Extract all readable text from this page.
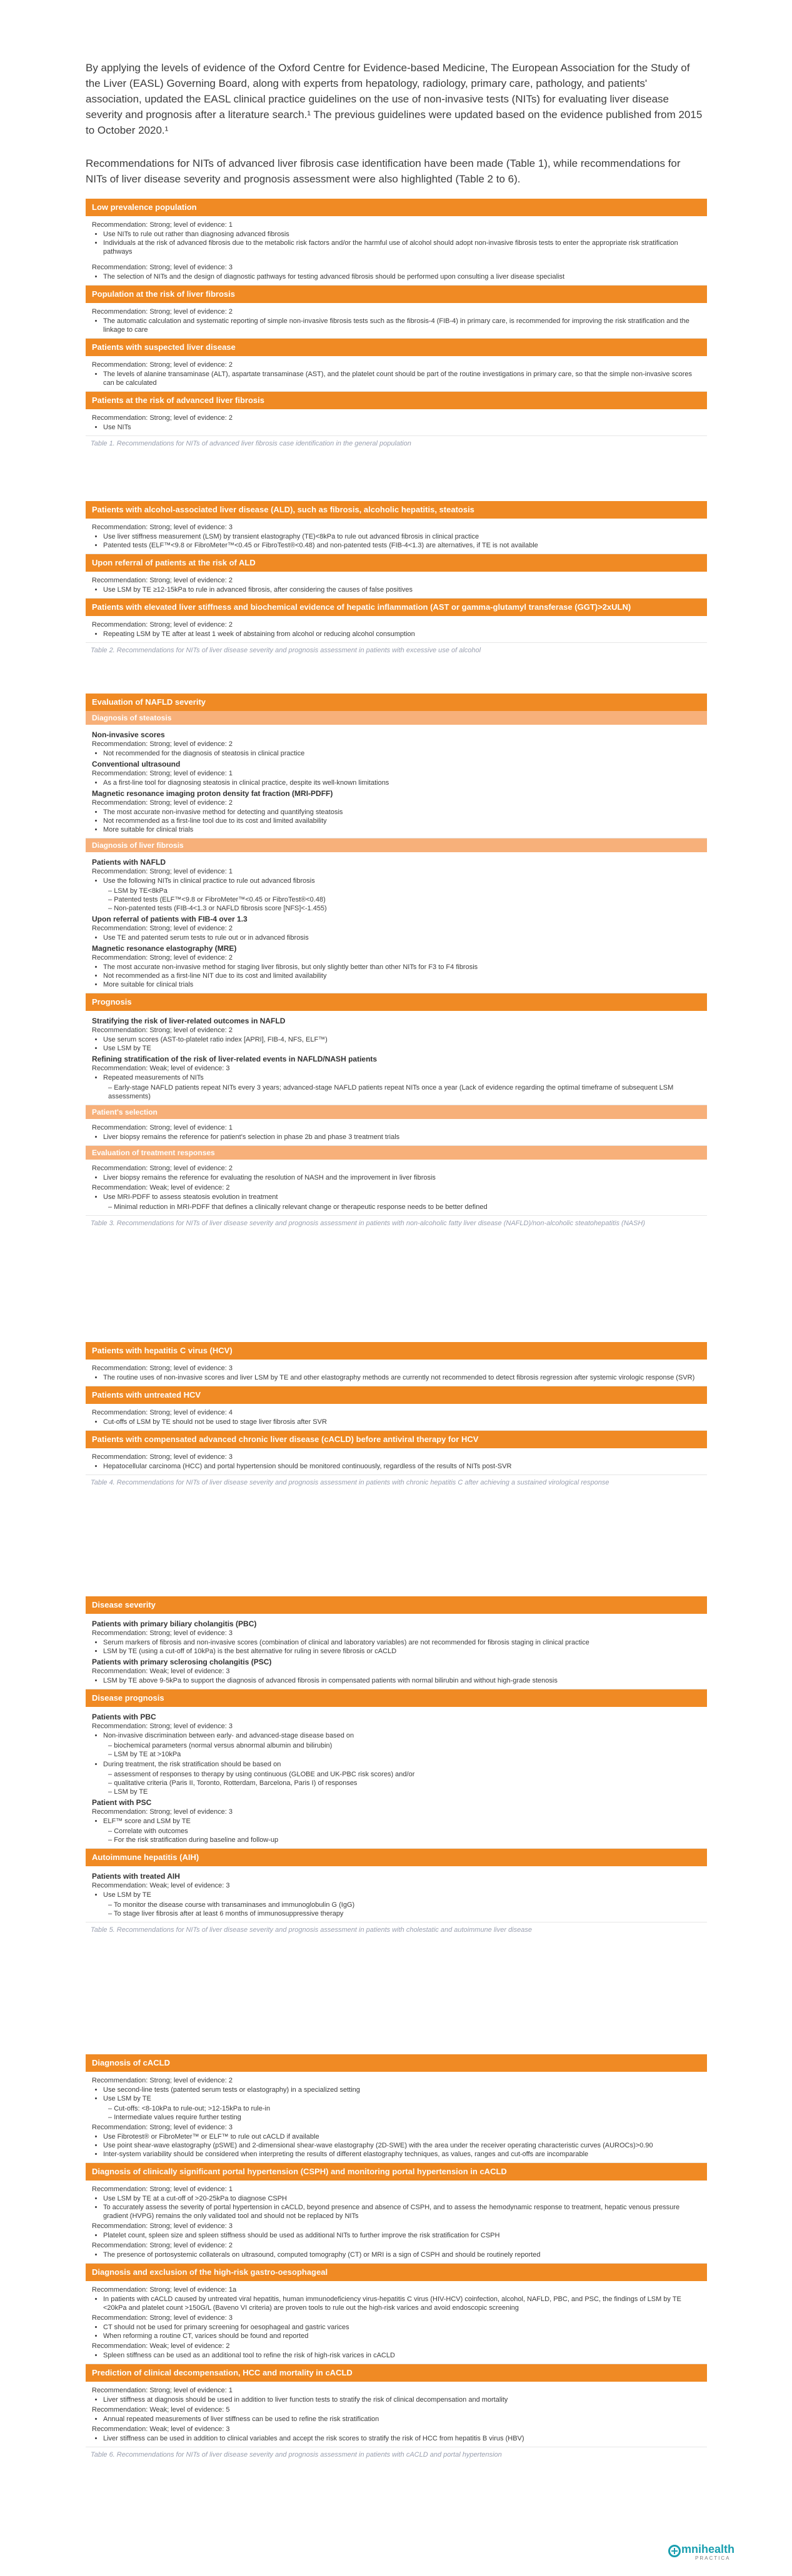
By applying the levels of evidence of the Oxford Centre for Evidence-based Medicine, The European Association for the Study of the Liver (EASL) Governing Board, along with experts from hepatology, radiology, primary care, pathology, and patients' association, updated the EASL clinical practice guidelines on the use of non-invasive tests (NITs) for evaluating liver disease severity and prognosis after a literature search.¹ The previous guidelines were updated based on the evidence published from 2015 to October 2020.¹

Recommendations for NITs of advanced liver fibrosis case identification have been made (Table 1), while recommendations for NITs of liver disease severity and prognosis assessment were also highlighted (Table 2 to 6).

Low prevalence population
Recommendation: Strong; level of evidence: 1
• Use NITs to rule out rather than diagnosing advanced fibrosis
• Individuals at the risk of advanced fibrosis due to the metabolic risk factors and/or the harmful use of alcohol should adopt non-invasive fibrosis tests to enter the appropriate risk stratification pathways
Recommendation: Strong; level of evidence: 3
• The selection of NITs and the design of diagnostic pathways for testing advanced fibrosis should be performed upon consulting a liver disease specialist
Population at the risk of liver fibrosis
Recommendation: Strong; level of evidence: 2
• The automatic calculation and systematic reporting of simple non-invasive fibrosis tests such as the fibrosis-4 (FIB-4) in primary care, is recommended for improving the risk stratification and the linkage to care
Patients with suspected liver disease
Recommendation: Strong; level of evidence: 2
• The levels of alanine transaminase (ALT), aspartate transaminase (AST), and the platelet count should be part of the routine investigations in primary care, so that the simple non-invasive scores can be calculated
Patients at the risk of advanced liver fibrosis
Recommendation: Strong; level of evidence: 2
• Use NITs
Table 1. Recommendations for NITs of advanced liver fibrosis case identification in the general population
Patients with alcohol-associated liver disease (ALD), such as fibrosis, alcoholic hepatitis, steatosis
Recommendation: Strong; level of evidence: 3
• Use liver stiffness measurement (LSM) by transient elastography (TE)<8kPa to rule out advanced fibrosis in clinical practice
• Patented tests (ELF™<9.8 or FibroMeter™<0.45 or FibroTest®<0.48) and non-patented tests (FIB-4<1.3) are alternatives, if TE is not available
Upon referral of patients at the risk of ALD
Recommendation: Strong; level of evidence: 2
• Use LSM by TE ≥12-15kPa to rule in advanced fibrosis, after considering the causes of false positives
Patients with elevated liver stiffness and biochemical evidence of hepatic inflammation (AST or gamma-glutamyl transferase (GGT)>2xULN)
Recommendation: Strong; level of evidence: 2
• Repeating LSM by TE after at least 1 week of abstaining from alcohol or reducing alcohol consumption
Table 2. Recommendations for NITs of liver disease severity and prognosis assessment in patients with excessive use of alcohol
Evaluation of NAFLD severity
Diagnosis of steatosis
Non-invasive scores
Recommendation: Strong; level of evidence: 2
• Not recommended for the diagnosis of steatosis in clinical practice
Conventional ultrasound
Recommendation: Strong; level of evidence: 1
• As a first-line tool for diagnosing steatosis in clinical practice, despite its well-known limitations
Magnetic resonance imaging proton density fat fraction (MRI-PDFF)
Recommendation: Strong; level of evidence: 2
• The most accurate non-invasive method for detecting and quantifying steatosis
• Not recommended as a first-line tool due to its cost and limited availability
• More suitable for clinical trials
Diagnosis of liver fibrosis
Patients with NAFLD
Recommendation: Strong; level of evidence: 1
• Use the following NITs in clinical practice to rule out advanced fibrosis
– LSM by TE<8kPa
– Patented tests (ELF™<9.8 or FibroMeter™<0.45 or FibroTest®<0.48)
– Non-patented tests (FIB-4<1.3 or NAFLD fibrosis score [NFS]<-1.455)
Upon referral of patients with FIB-4 over 1.3
Recommendation: Strong; level of evidence: 2
• Use TE and patented serum tests to rule out or in advanced fibrosis
Magnetic resonance elastography (MRE)
Recommendation: Strong; level of evidence: 2
• The most accurate non-invasive method for staging liver fibrosis, but only slightly better than other NITs for F3 to F4 fibrosis
• Not recommended as a first-line NIT due to its cost and limited availability
• More suitable for clinical trials
Prognosis
Stratifying the risk of liver-related outcomes in NAFLD
Recommendation: Strong; level of evidence: 2
• Use serum scores (AST-to-platelet ratio index [APRI], FIB-4, NFS, ELF™)
• Use LSM by TE
Refining stratification of the risk of liver-related events in NAFLD/NASH patients
Recommendation: Weak; level of evidence: 3
• Repeated measurements of NITs
– Early-stage NAFLD patients repeat NITs every 3 years; advanced-stage NAFLD patients repeat NITs once a year (Lack of evidence regarding the optimal timeframe of subsequent LSM assessments)
Patient's selection
Recommendation: Strong; level of evidence: 1
• Liver biopsy remains the reference for patient's selection in phase 2b and phase 3 treatment trials
Evaluation of treatment responses
Recommendation: Strong; level of evidence: 2
• Liver biopsy remains the reference for evaluating the resolution of NASH and the improvement in liver fibrosis
Recommendation: Weak; level of evidence: 2
• Use MRI-PDFF to assess steatosis evolution in treatment
– Minimal reduction in MRI-PDFF that defines a clinically relevant change or therapeutic response needs to be better defined
Table 3. Recommendations for NITs of liver disease severity and prognosis assessment in patients with non-alcoholic fatty liver disease (NAFLD)/non-alcoholic steatohepatitis (NASH)
Patients with hepatitis C virus (HCV)
Recommendation: Strong; level of evidence: 3
• The routine uses of non-invasive scores and liver LSM by TE and other elastography methods are currently not recommended to detect fibrosis regression after systemic virologic response (SVR)
Patients with untreated HCV
Recommendation: Strong; level of evidence: 4
• Cut-offs of LSM by TE should not be used to stage liver fibrosis after SVR
Patients with compensated advanced chronic liver disease (cACLD) before antiviral therapy for HCV
Recommendation: Strong; level of evidence: 3
• Hepatocellular carcinoma (HCC) and portal hypertension should be monitored continuously, regardless of the results of NITs post-SVR
Table 4. Recommendations for NITs of liver disease severity and prognosis assessment in patients with chronic hepatitis C after achieving a sustained virological response
Disease severity
Patients with primary biliary cholangitis (PBC)
Recommendation: Strong; level of evidence: 3
• Serum markers of fibrosis and non-invasive scores (combination of clinical and laboratory variables) are not recommended for fibrosis staging in clinical practice
• LSM by TE (using a cut-off of 10kPa) is the best alternative for ruling in severe fibrosis or cACLD
Patients with primary sclerosing cholangitis (PSC)
Recommendation: Weak; level of evidence: 3
• LSM by TE above 9-5kPa to support the diagnosis of advanced fibrosis in compensated patients with normal bilirubin and without high-grade stenosis
Disease prognosis
Patients with PBC
Recommendation: Strong; level of evidence: 3
• Non-invasive discrimination between early- and advanced-stage disease based on
– biochemical parameters (normal versus abnormal albumin and bilirubin)
– LSM by TE at >10kPa
• During treatment, the risk stratification should be based on
– assessment of responses to therapy by using continuous (GLOBE and UK-PBC risk scores) and/or
– qualitative criteria (Paris II, Toronto, Rotterdam, Barcelona, Paris I) of responses
– LSM by TE
Patient with PSC
Recommendation: Strong; level of evidence: 3
• ELF™ score and LSM by TE
– Correlate with outcomes
– For the risk stratification during baseline and follow-up
Autoimmune hepatitis (AIH)
Patients with treated AIH
Recommendation: Weak; level of evidence: 3
• Use LSM by TE
– To monitor the disease course with transaminases and immunoglobulin G (IgG)
– To stage liver fibrosis after at least 6 months of immunosuppressive therapy
Table 5. Recommendations for NITs of liver disease severity and prognosis assessment in patients with cholestatic and autoimmune liver disease
Diagnosis of cACLD
Recommendation: Strong; level of evidence: 2
• Use second-line tests (patented serum tests or elastography) in a specialized setting
• Use LSM by TE
– Cut-offs: <8-10kPa to rule-out; >12-15kPa to rule-in
– Intermediate values require further testing
Recommendation: Strong; level of evidence: 3
• Use Fibrotest® or FibroMeter™ or ELF™ to rule out cACLD if available
• Use point shear-wave elastography (pSWE) and 2-dimensional shear-wave elastography (2D-SWE) with the area under the receiver operating characteristic curves (AUROCs)>0.90
• Inter-system variability should be considered when interpreting the results of different elastography techniques, as values, ranges and cut-offs are incomparable
Diagnosis of clinically significant portal hypertension (CSPH) and monitoring portal hypertension in cACLD
Recommendation: Strong; level of evidence: 1
• Use LSM by TE at a cut-off of >20-25kPa to diagnose CSPH
• To accurately assess the severity of portal hypertension in cACLD, beyond presence and absence of CSPH, and to assess the hemodynamic response to treatment, hepatic venous pressure gradient (HVPG) remains the only validated tool and should not be replaced by NITs
Recommendation: Strong; level of evidence: 3
• Platelet count, spleen size and spleen stiffness should be used as additional NITs to further improve the risk stratification for CSPH
Recommendation: Strong; level of evidence: 2
• The presence of portosystemic collaterals on ultrasound, computed tomography (CT) or MRI is a sign of CSPH and should be routinely reported
Diagnosis and exclusion of the high-risk gastro-oesophageal
Recommendation: Strong; level of evidence: 1a
• In patients with cACLD caused by untreated viral hepatitis, human immunodeficiency virus-hepatitis C virus (HIV-HCV) coinfection, alcohol, NAFLD, PBC, and PSC, the findings of LSM by TE <20kPa and platelet count >150G/L (Baveno VI criteria) are proven tools to rule out the high-risk varices and avoid endoscopic screening
Recommendation: Strong; level of evidence: 3
• CT should not be used for primary screening for oesophageal and gastric varices
• When reforming a routine CT, varices should be found and reported
Recommendation: Weak; level of evidence: 2
• Spleen stiffness can be used as an additional tool to refine the risk of high-risk varices in cACLD
Prediction of clinical decompensation, HCC and mortality in cACLD
Recommendation: Strong; level of evidence: 1
• Liver stiffness at diagnosis should be used in addition to liver function tests to stratify the risk of clinical decompensation and mortality
Recommendation: Weak; level of evidence: 5
• Annual repeated measurements of liver stiffness can be used to refine the risk stratification
Recommendation: Weak; level of evidence: 3
• Liver stiffness can be used in addition to clinical variables and accept the risk scores to stratify the risk of HCC from hepatitis B virus (HBV)
Table 6. Recommendations for NITs of liver disease severity and prognosis assessment in patients with cACLD and portal hypertension
mnihealth
PRACTICA
